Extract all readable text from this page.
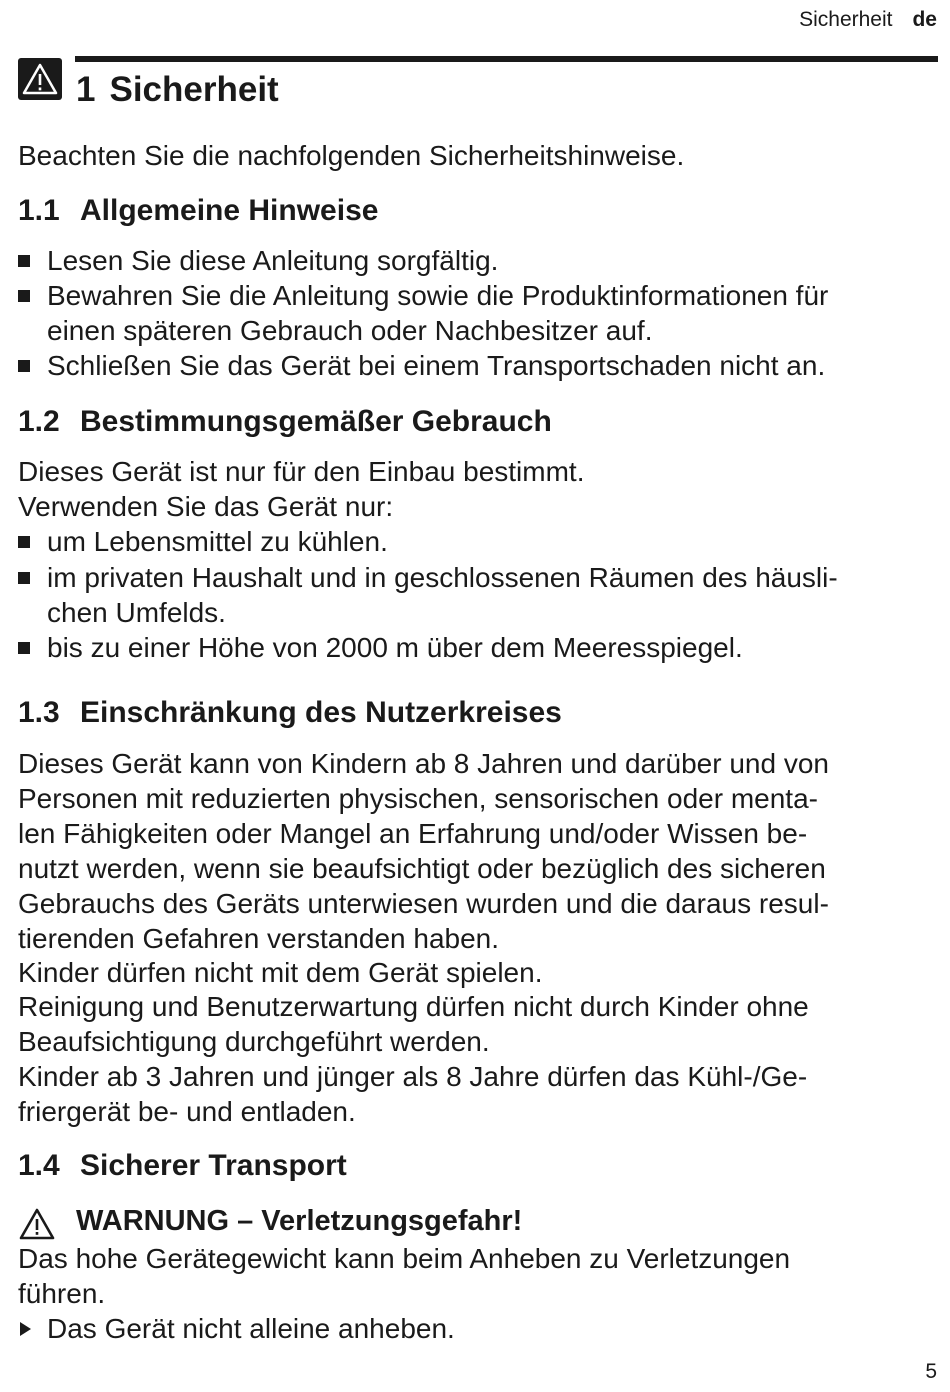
Sicherheit de
1 Sicherheit
Beachten Sie die nachfolgenden Sicherheitshinweise.
1.1 Allgemeine Hinweise
Lesen Sie diese Anleitung sorgfältig.
Bewahren Sie die Anleitung sowie die Produktinformationen für
einen späteren Gebrauch oder Nachbesitzer auf.
Schließen Sie das Gerät bei einem Transportschaden nicht an.
1.2 Bestimmungsgemäßer Gebrauch
Dieses Gerät ist nur für den Einbau bestimmt.
Verwenden Sie das Gerät nur:
um Lebensmittel zu kühlen.
im privaten Haushalt und in geschlossenen Räumen des häusli-
chen Umfelds.
bis zu einer Höhe von 2000 m über dem Meeresspiegel.
1.3 Einschränkung des Nutzerkreises
Dieses Gerät kann von Kindern ab 8 Jahren und darüber und von
Personen mit reduzierten physischen, sensorischen oder menta-
len Fähigkeiten oder Mangel an Erfahrung und/oder Wissen be-
nutzt werden, wenn sie beaufsichtigt oder bezüglich des sicheren
Gebrauchs des Geräts unterwiesen wurden und die daraus resul-
tierenden Gefahren verstanden haben.
Kinder dürfen nicht mit dem Gerät spielen.
Reinigung und Benutzerwartung dürfen nicht durch Kinder ohne
Beaufsichtigung durchgeführt werden.
Kinder ab 3 Jahren und jünger als 8 Jahre dürfen das Kühl-/Ge-
friergerät be- und entladen.
1.4 Sicherer Transport
WARNUNG – Verletzungsgefahr!
Das hohe Gerätegewicht kann beim Anheben zu Verletzungen
führen.
Das Gerät nicht alleine anheben.
5
